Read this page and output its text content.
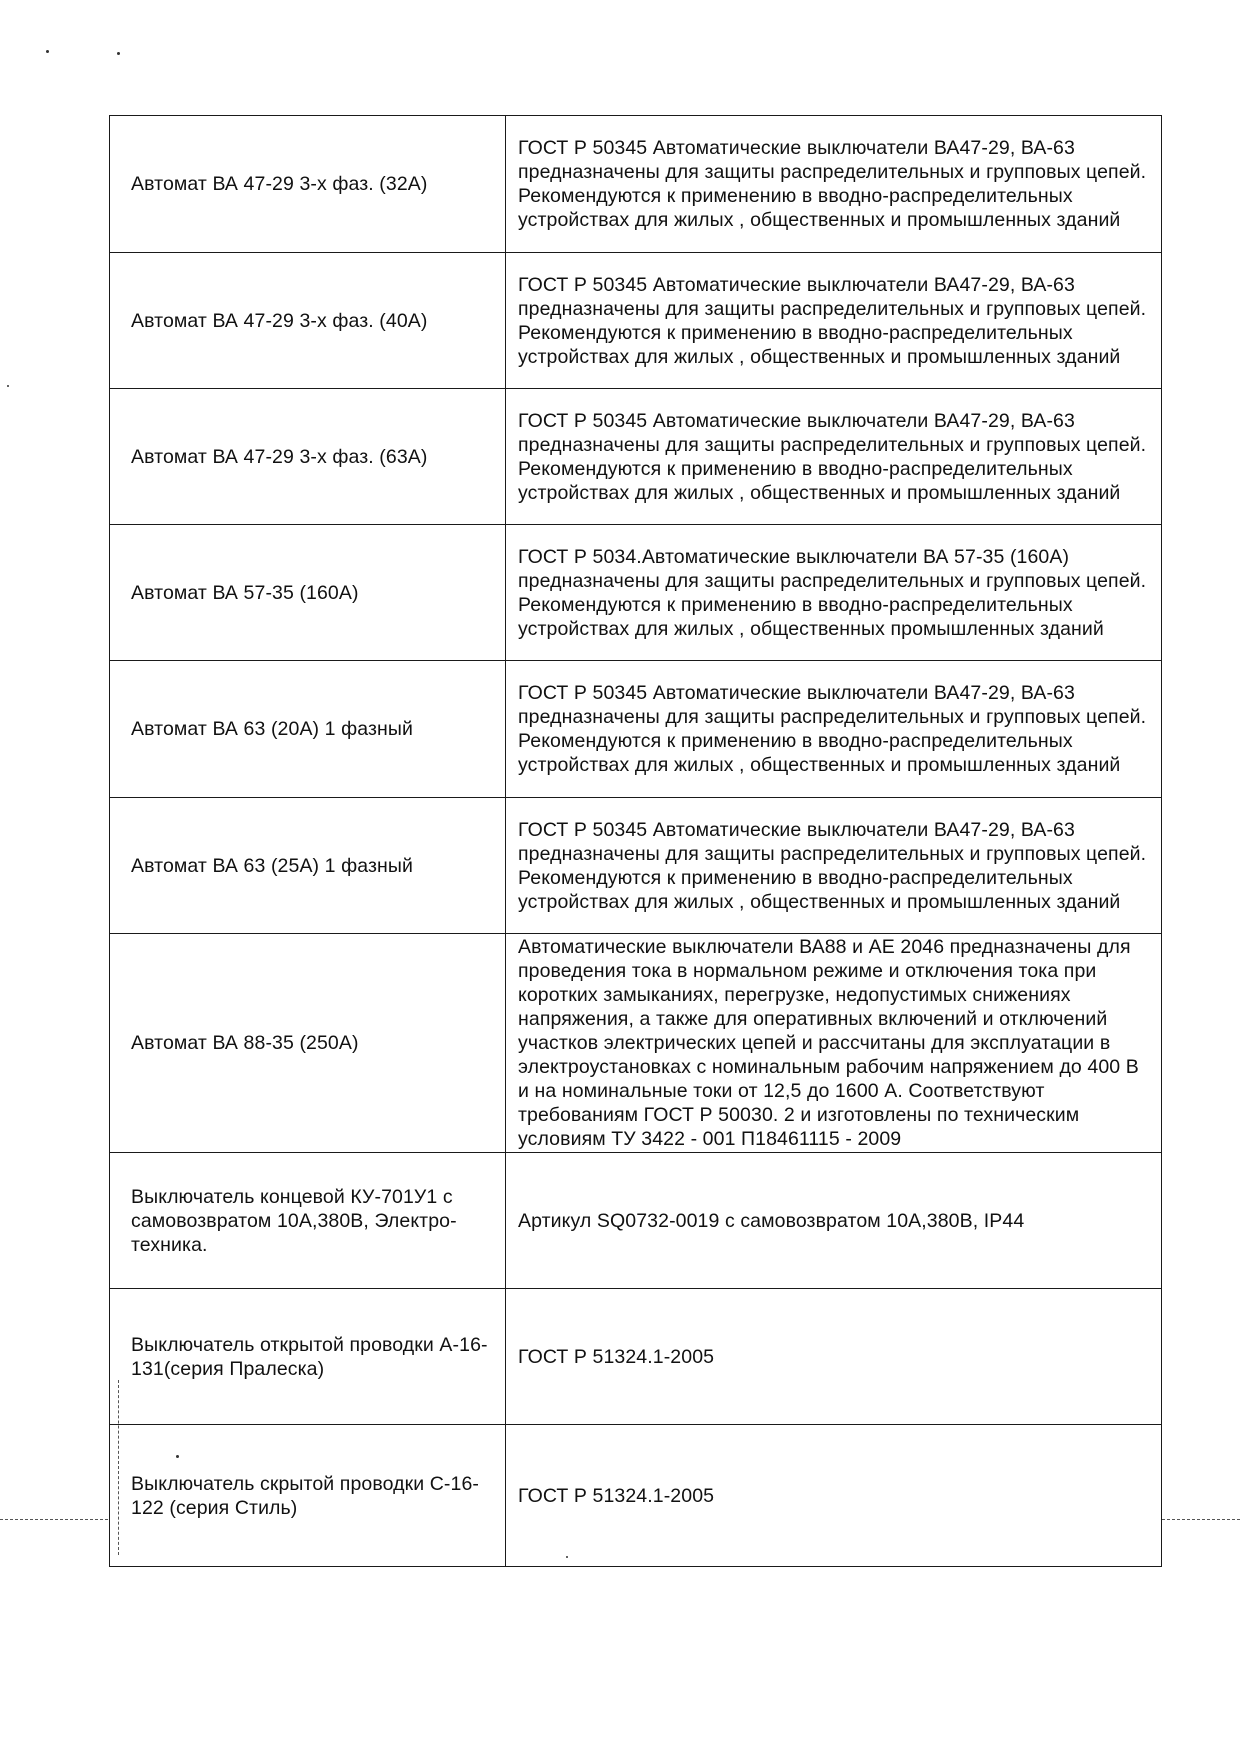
Автомат ВА 47-29 3-х фаз. (32А)	ГОСТ Р 50345 Автоматические выключатели ВА47-29, ВА-63 предназначены для защиты распределительных и групповых цепей. Рекомендуются к применению в вводно-распределительных устройствах для жилых , общественных и промышленных зданий
Автомат ВА 47-29 3-х фаз. (40А)	ГОСТ Р 50345 Автоматические выключатели ВА47-29, ВА-63 предназначены для защиты распределительных и групповых цепей. Рекомендуются к применению в вводно-распределительных устройствах для жилых , общественных и промышленных зданий
Автомат ВА 47-29 3-х фаз. (63А)	ГОСТ Р 50345 Автоматические выключатели ВА47-29, ВА-63 предназначены для защиты распределительных и групповых цепей. Рекомендуются к применению в вводно-распределительных устройствах для жилых , общественных и промышленных зданий
Автомат ВА 57-35 (160А)	ГОСТ Р 5034.Автоматические выключатели ВА 57-35 (160А) предназначены для защиты распределительных и групповых цепей. Рекомендуются к применению в вводно-распределительных устройствах для жилых , общественных промышленных зданий
Автомат ВА 63 (20А) 1 фазный	ГОСТ Р 50345 Автоматические выключатели ВА47-29, ВА-63 предназначены для защиты распределительных и групповых цепей. Рекомендуются к применению в вводно-распределительных устройствах для жилых , общественных и промышленных зданий
Автомат ВА 63 (25А) 1 фазный	ГОСТ Р 50345 Автоматические выключатели ВА47-29, ВА-63 предназначены для защиты распределительных и групповых цепей. Рекомендуются к применению в вводно-распределительных устройствах для жилых , общественных и промышленных зданий
Автомат ВА 88-35 (250А)	Автоматические выключатели ВА88 и АЕ 2046 предназначены для проведения тока в нормальном режиме и отключения тока при коротких замыканиях, перегрузке, недопустимых снижениях напряжения, а также для оперативных включений и отключений участков электрических цепей и рассчитаны для эксплуатации в электроустановках с номинальным рабочим напряжением до 400 В и на номинальные токи от 12,5 до 1600 А. Соответствуют требованиям ГОСТ Р 50030. 2 и изготовлены по техническим условиям ТУ 3422 - 001 П18461115 - 2009
Выключатель концевой КУ-701У1 с самовозвратом 10А,380В, Электро-техника.	Артикул SQ0732-0019 с самовозвратом 10А,380В, IP44
Выключатель открытой проводки А-16-131(серия Пралеска)	ГОСТ Р 51324.1-2005
Выключатель скрытой проводки С-16-122 (серия Стиль)	ГОСТ Р 51324.1-2005
